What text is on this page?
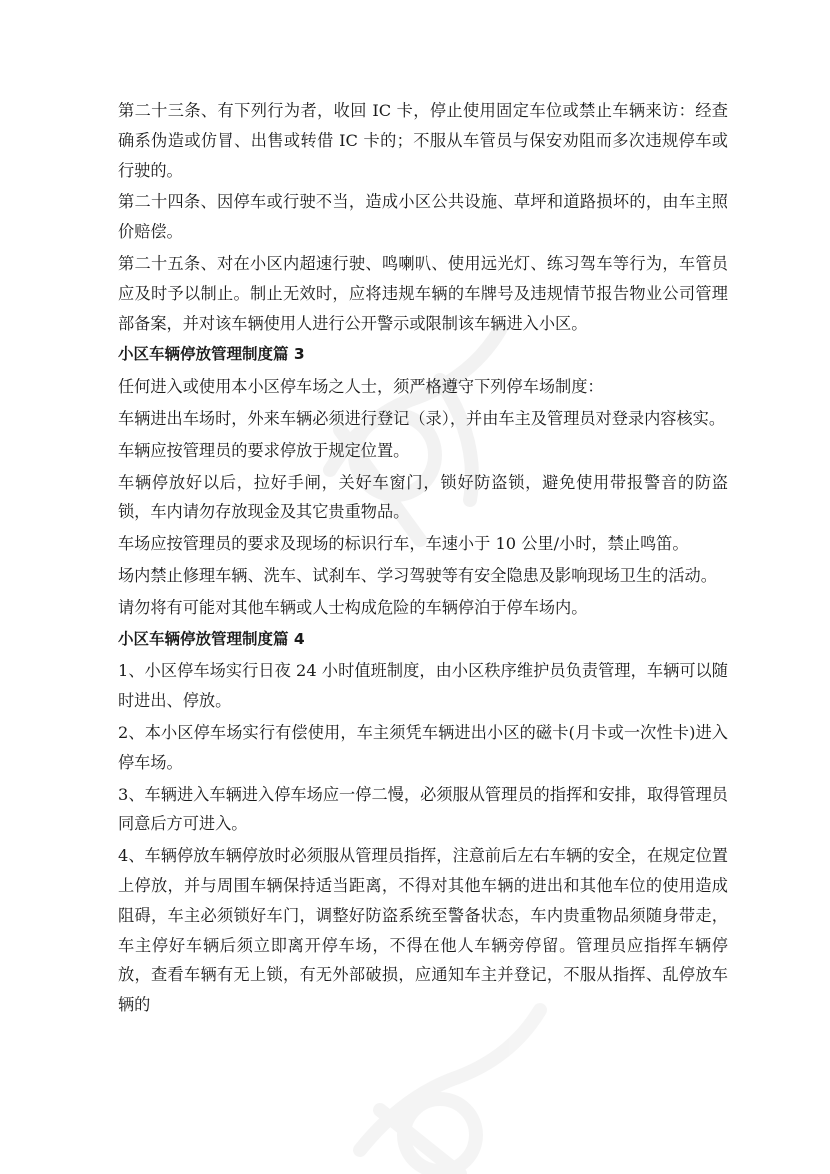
第二十三条、有下列行为者，收回 IC 卡，停止使用固定车位或禁止车辆来访：经查确系伪造或仿冒、出售或转借 IC 卡的；不服从车管员与保安劝阻而多次违规停车或行驶的。

第二十四条、因停车或行驶不当，造成小区公共设施、草坪和道路损坏的，由车主照价赔偿。

第二十五条、对在小区内超速行驶、鸣喇叭、使用远光灯、练习驾车等行为，车管员应及时予以制止。制止无效时，应将违规车辆的车牌号及违规情节报告物业公司管理部备案，并对该车辆使用人进行公开警示或限制该车辆进入小区。

小区车辆停放管理制度篇 3

任何进入或使用本小区停车场之人士，须严格遵守下列停车场制度：

车辆进出车场时，外来车辆必须进行登记（录），并由车主及管理员对登录内容核实。

车辆应按管理员的要求停放于规定位置。

车辆停放好以后，拉好手闸，关好车窗门，锁好防盗锁，避免使用带报警音的防盗锁，车内请勿存放现金及其它贵重物品。

车场应按管理员的要求及现场的标识行车，车速小于 10 公里/小时，禁止鸣笛。

场内禁止修理车辆、洗车、试刹车、学习驾驶等有安全隐患及影响现场卫生的活动。

请勿将有可能对其他车辆或人士构成危险的车辆停泊于停车场内。

小区车辆停放管理制度篇 4

1、小区停车场实行日夜 24 小时值班制度，由小区秩序维护员负责管理，车辆可以随时进出、停放。

2、本小区停车场实行有偿使用，车主须凭车辆进出小区的磁卡(月卡或一次性卡)进入停车场。

3、车辆进入车辆进入停车场应一停二慢，必须服从管理员的指挥和安排，取得管理员同意后方可进入。

4、车辆停放车辆停放时必须服从管理员指挥，注意前后左右车辆的安全，在规定位置上停放，并与周围车辆保持适当距离，不得对其他车辆的进出和其他车位的使用造成阻碍，车主必须锁好车门，调整好防盗系统至警备状态，车内贵重物品须随身带走，车主停好车辆后须立即离开停车场，不得在他人车辆旁停留。管理员应指挥车辆停放，查看车辆有无上锁，有无外部破损，应通知车主并登记，不服从指挥、乱停放车辆的
